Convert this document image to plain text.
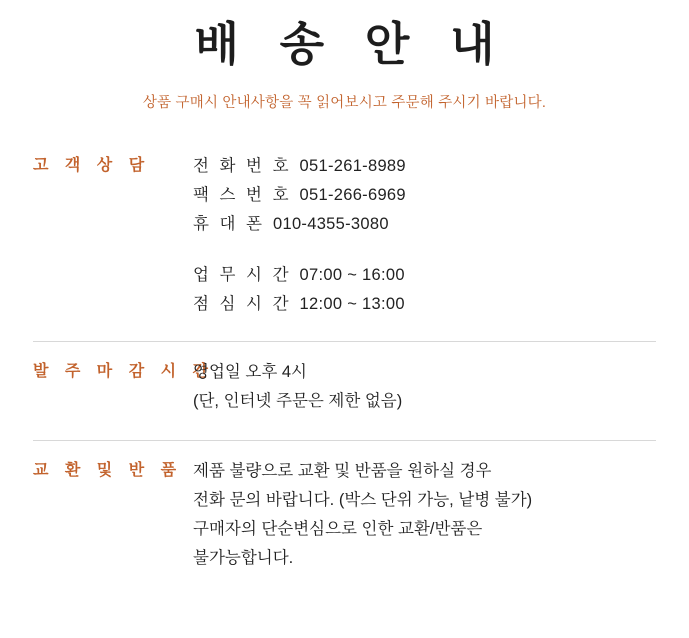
배 송 안 내
상품 구매시 안내사항을 꼭 읽어보시고 주문해 주시기 바랍니다.
고 객 상 담	전 화 번 호 051-261-8989
팩 스 번 호 051-266-6969
휴 대 폰 010-4355-3080
업 무 시 간 07:00 ~ 16:00
점 심 시 간 12:00 ~ 13:00
발 주 마 감 시 간
영업일 오후 4시
(단, 인터넷 주문은 제한 없음)
교 환 및 반 품 제품 불량으로 교환 및 반품을 원하실 경우
전화 문의 바랍니다. (박스 단위 가능, 낱병 불가)
구매자의 단순변심으로 인한 교환/반품은
불가능합니다.
